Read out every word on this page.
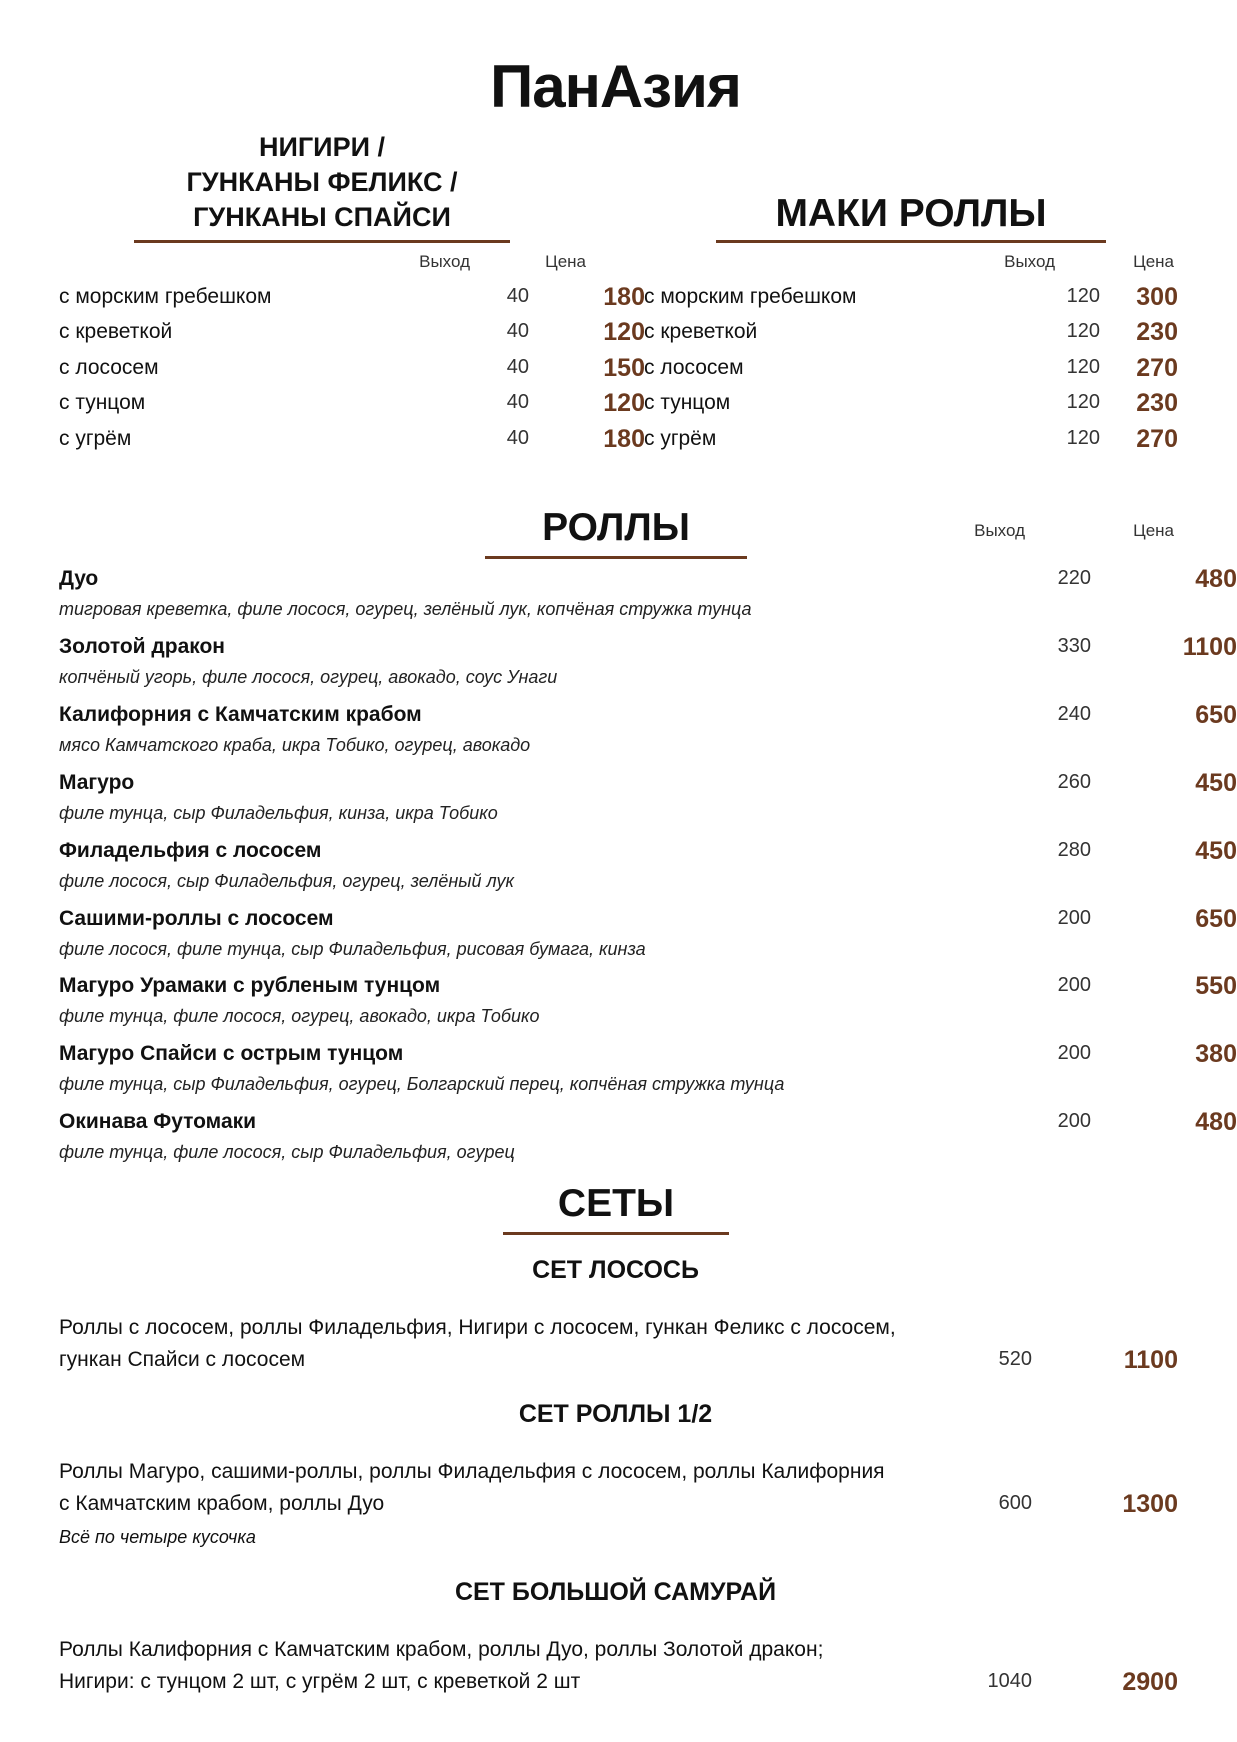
ПанАзия
НИГИРИ /
ГУНКАНЫ ФЕЛИКС /
ГУНКАНЫ СПАЙСИ
Выход	Цена
с морским гребешком	40	180
с креветкой	40	120
с лососем	40	150
с тунцом	40	120
с угрём	40	180
МАКИ РОЛЛЫ
Выход	Цена
с морским гребешком	120	300
с креветкой	120	230
с лососем	120	270
с тунцом	120	230
с угрём	120	270
РОЛЛЫ	Выход	Цена
Дуо
тигровая креветка, филе лосося, огурец, зелёный лук, копчёная стружка тунца
220	480
Золотой дракон
копчёный угорь, филе лосося, огурец, авокадо, соус Унаги
330	1100
Калифорния с Камчатским крабом
мясо Камчатского краба, икра Тобико, огурец, авокадо
240	650
Магуро
филе тунца, сыр Филадельфия, кинза, икра Тобико
260	450
Филадельфия с лососем
филе лосося, сыр Филадельфия, огурец, зелёный лук
280	450
Сашими-роллы с лососем
филе лосося, филе тунца, сыр Филадельфия, рисовая бумага, кинза
200	650
Магуро Урамаки с рубленым тунцом
филе тунца, филе лосося, огурец, авокадо, икра Тобико
200	550
Магуро Спайси с острым тунцом
филе тунца, сыр Филадельфия, огурец, Болгарский перец, копчёная стружка тунца
200	380
Окинава Футомаки
филе тунца, филе лосося, сыр Филадельфия, огурец
200	480
СЕТЫ
СЕТ ЛОСОСЬ
Роллы с лососем, роллы Филадельфия, Нигири с лососем, гункан Феликс с лососем,
гункан Спайси с лососем	520	1100
СЕТ РОЛЛЫ 1/2
Роллы Магуро, сашими-роллы, роллы Филадельфия с лососем, роллы Калифорния
с Камчатским крабом, роллы Дуо	600	1300
Всё по четыре кусочка
СЕТ БОЛЬШОЙ САМУРАЙ
Роллы Калифорния с Камчатским крабом, роллы Дуо, роллы Золотой дракон;
Нигири: с тунцом 2 шт, с угрём 2 шт, с креветкой 2 шт	1040	2900
